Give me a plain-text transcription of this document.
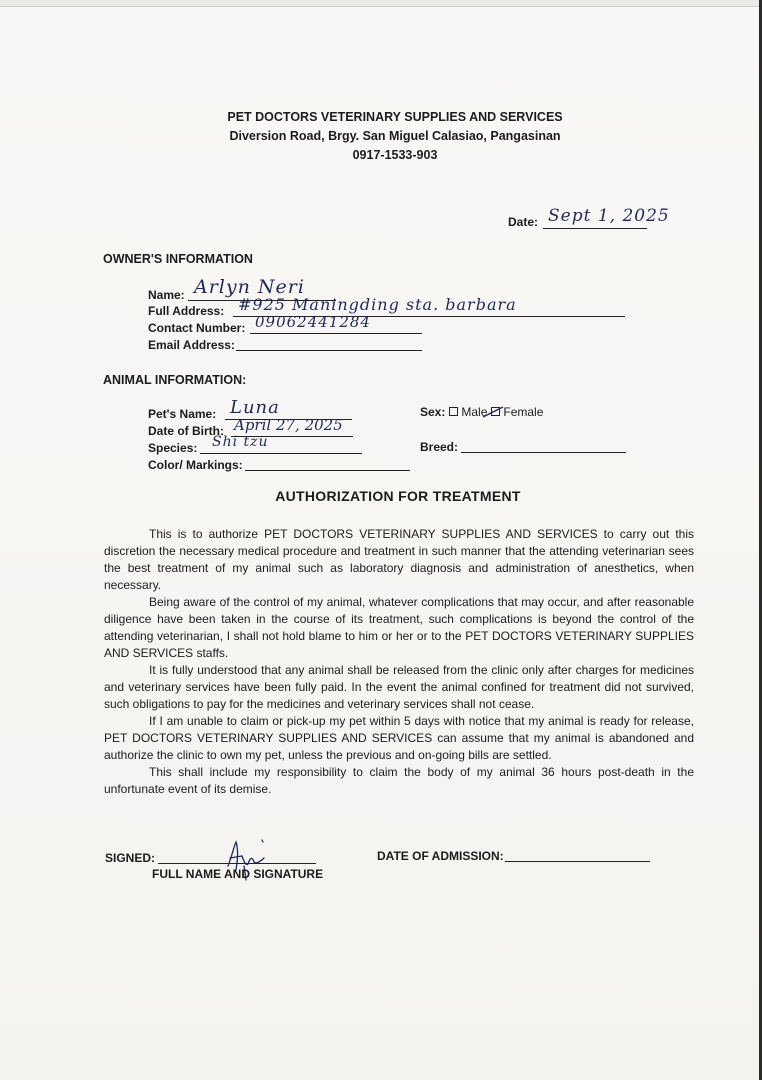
PET DOCTORS VETERINARY SUPPLIES AND SERVICES
Diversion Road, Brgy. San Miguel Calasiao, Pangasinan
0917-1533-903
Date: Sept 1, 2025
OWNER'S INFORMATION
Name: Arlyn Neri
Full Address: #925 Maningding sta. barbara
Contact Number: 09062441284
Email Address:
ANIMAL INFORMATION:
Pet's Name: Luna
Date of Birth: April 27, 2025
Species: Shi tzu
Color/ Markings:
Sex: Male Female
Breed:
AUTHORIZATION FOR TREATMENT

This is to authorize PET DOCTORS VETERINARY SUPPLIES AND SERVICES to carry out this discretion the necessary medical procedure and treatment in such manner that the attending veterinarian sees the best treatment of my animal such as laboratory diagnosis and administration of anesthetics, when necessary.

Being aware of the control of my animal, whatever complications that may occur, and after reasonable diligence have been taken in the course of its treatment, such complications is beyond the control of the attending veterinarian, I shall not hold blame to him or her or to the PET DOCTORS VETERINARY SUPPLIES AND SERVICES staffs.

It is fully understood that any animal shall be released from the clinic only after charges for medicines and veterinary services have been fully paid. In the event the animal confined for treatment did not survived, such obligations to pay for the medicines and veterinary services shall not cease.

If I am unable to claim or pick-up my pet within 5 days with notice that my animal is ready for release, PET DOCTORS VETERINARY SUPPLIES AND SERVICES can assume that my animal is abandoned and authorize the clinic to own my pet, unless the previous and on-going bills are settled.

This shall include my responsibility to claim the body of my animal 36 hours post-death in the unfortunate event of its demise.

SIGNED:
FULL NAME AND SIGNATURE
DATE OF ADMISSION:
